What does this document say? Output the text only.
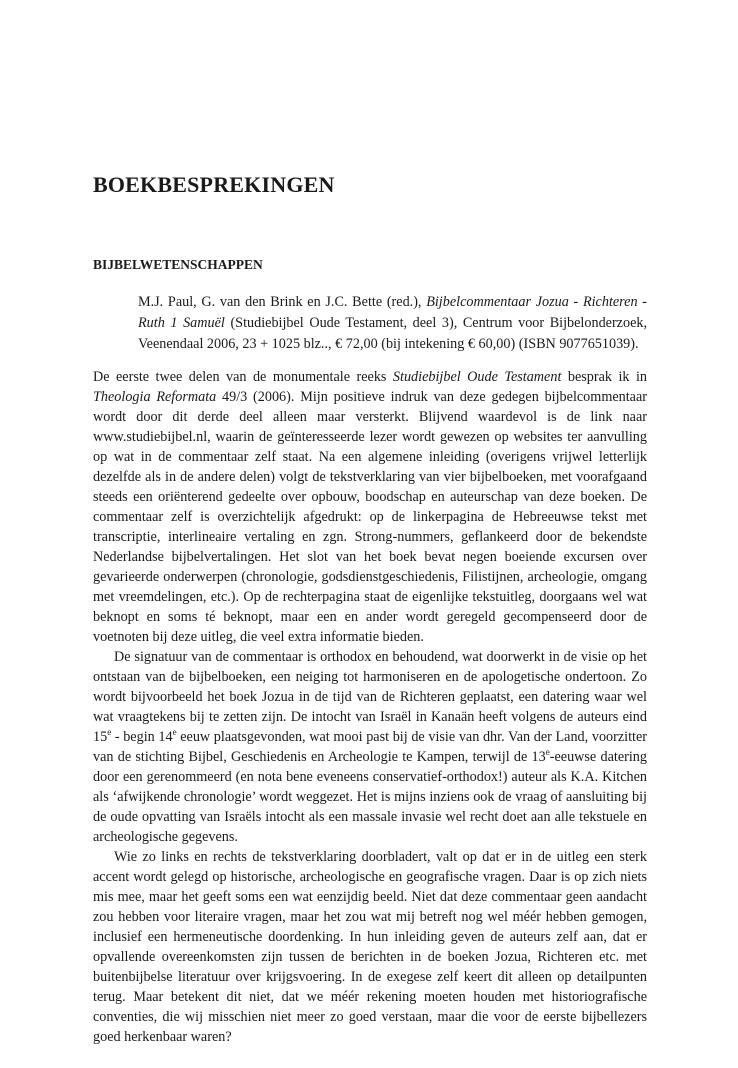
BOEKBESPREKINGEN
BIJBELWETENSCHAPPEN

M.J. Paul, G. van den Brink en J.C. Bette (red.), Bijbelcommentaar Jozua - Richteren - Ruth 1 Samuël (Studiebijbel Oude Testament, deel 3), Centrum voor Bijbelonderzoek, Veenendaal 2006, 23 + 1025 blz.., € 72,00 (bij intekening € 60,00) (ISBN 9077651039).

De eerste twee delen van de monumentale reeks Studiebijbel Oude Testament besprak ik in Theologia Reformata 49/3 (2006). Mijn positieve indruk van deze gedegen bijbelcommentaar wordt door dit derde deel alleen maar versterkt. Blijvend waardevol is de link naar www.studiebijbel.nl, waarin de geïnteresseerde lezer wordt gewezen op websites ter aanvulling op wat in de commentaar zelf staat. Na een algemene inleiding (overigens vrijwel letterlijk dezelfde als in de andere delen) volgt de tekstverklaring van vier bijbelboeken, met voorafgaand steeds een oriënterend gedeelte over opbouw, boodschap en auteurschap van deze boeken. De commentaar zelf is overzichtelijk afgedrukt: op de linkerpagina de Hebreeuwse tekst met transcriptie, interlineaire vertaling en zgn. Strong-nummers, geflankeerd door de bekendste Nederlandse bijbelvertalingen. Het slot van het boek bevat negen boeiende excursen over gevarieerde onderwerpen (chronologie, godsdienstgeschiedenis, Filistijnen, archeologie, omgang met vreemdelingen, etc.). Op de rechterpagina staat de eigenlijke tekstuitleg, doorgaans wel wat beknopt en soms té beknopt, maar een en ander wordt geregeld gecompenseerd door de voetnoten bij deze uitleg, die veel extra informatie bieden.

De signatuur van de commentaar is orthodox en behoudend, wat doorwerkt in de visie op het ontstaan van de bijbelboeken, een neiging tot harmoniseren en de apologetische ondertoon. Zo wordt bijvoorbeeld het boek Jozua in de tijd van de Richteren geplaatst, een datering waar wel wat vraagtekens bij te zetten zijn. De intocht van Israël in Kanaän heeft volgens de auteurs eind 15e - begin 14e eeuw plaatsgevonden, wat mooi past bij de visie van dhr. Van der Land, voorzitter van de stichting Bijbel, Geschiedenis en Archeologie te Kampen, terwijl de 13e-eeuwse datering door een gerenommeerd (en nota bene eveneens conservatief-orthodox!) auteur als K.A. Kitchen als ‘afwijkende chronologie’ wordt weggezet. Het is mijns inziens ook de vraag of aansluiting bij de oude opvatting van Israëls intocht als een massale invasie wel recht doet aan alle tekstuele en archeologische gegevens.

Wie zo links en rechts de tekstverklaring doorbladert, valt op dat er in de uitleg een sterk accent wordt gelegd op historische, archeologische en geografische vragen. Daar is op zich niets mis mee, maar het geeft soms een wat eenzijdig beeld. Niet dat deze commentaar geen aandacht zou hebben voor literaire vragen, maar het zou wat mij betreft nog wel méér hebben gemogen, inclusief een hermeneutische doordenking. In hun inleiding geven de auteurs zelf aan, dat er opvallende overeenkomsten zijn tussen de berichten in de boeken Jozua, Richteren etc. met buitenbijbelse literatuur over krijgsvoering. In de exegese zelf keert dit alleen op detailpunten terug. Maar betekent dit niet, dat we méér rekening moeten houden met historiografische conventies, die wij misschien niet meer zo goed verstaan, maar die voor de eerste bijbellezers goed herkenbaar waren?
